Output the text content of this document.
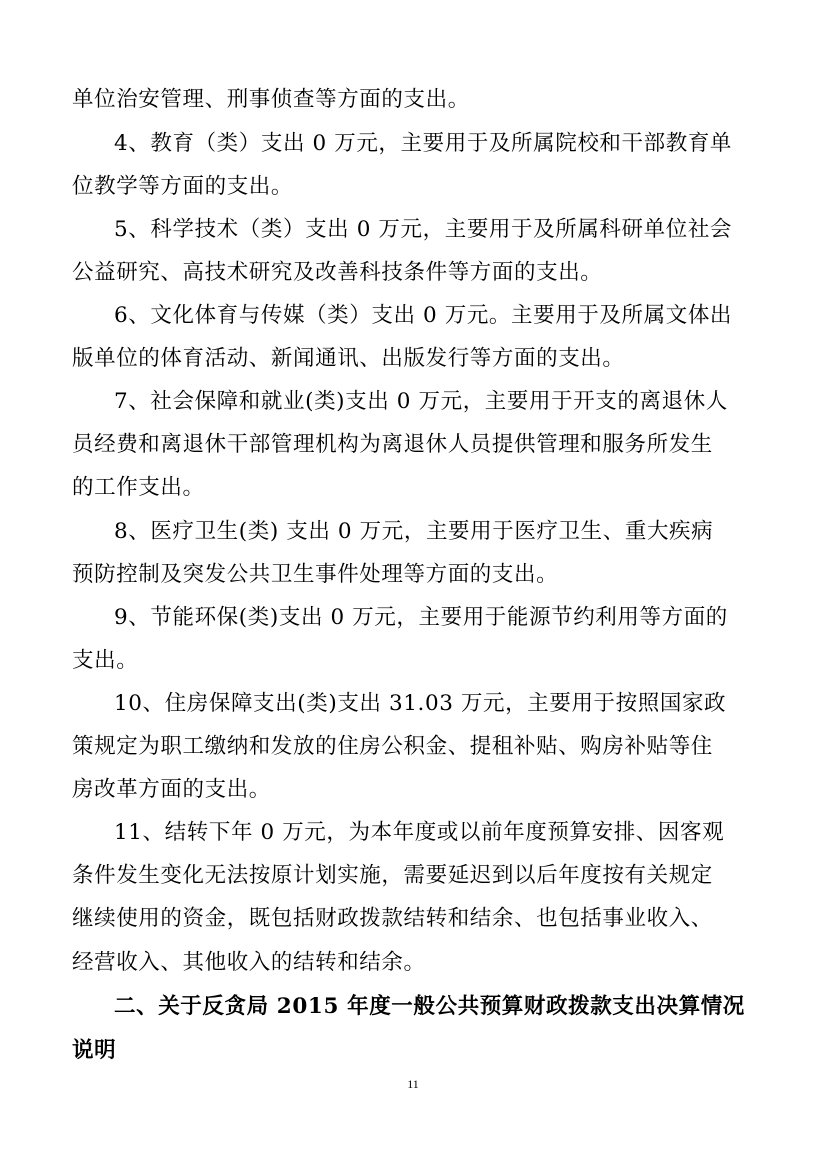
单位治安管理、刑事侦查等方面的支出。
4、教育（类）支出 0 万元，主要用于及所属院校和干部教育单
位教学等方面的支出。
5、科学技术（类）支出 0 万元，主要用于及所属科研单位社会
公益研究、高技术研究及改善科技条件等方面的支出。
6、文化体育与传媒（类）支出 0 万元。主要用于及所属文体出
版单位的体育活动、新闻通讯、出版发行等方面的支出。
7、社会保障和就业(类)支出 0 万元，主要用于开支的离退休人
员经费和离退休干部管理机构为离退休人员提供管理和服务所发生
的工作支出。
8、医疗卫生(类) 支出 0 万元，主要用于医疗卫生、重大疾病
预防控制及突发公共卫生事件处理等方面的支出。
9、节能环保(类)支出 0 万元，主要用于能源节约利用等方面的
支出。
10、住房保障支出(类)支出 31.03 万元，主要用于按照国家政
策规定为职工缴纳和发放的住房公积金、提租补贴、购房补贴等住
房改革方面的支出。
11、结转下年 0 万元，为本年度或以前年度预算安排、因客观
条件发生变化无法按原计划实施，需要延迟到以后年度按有关规定
继续使用的资金，既包括财政拨款结转和结余、也包括事业收入、
经营收入、其他收入的结转和结余。
二、关于反贪局 2015 年度一般公共预算财政拨款支出决算情况
说明
11
